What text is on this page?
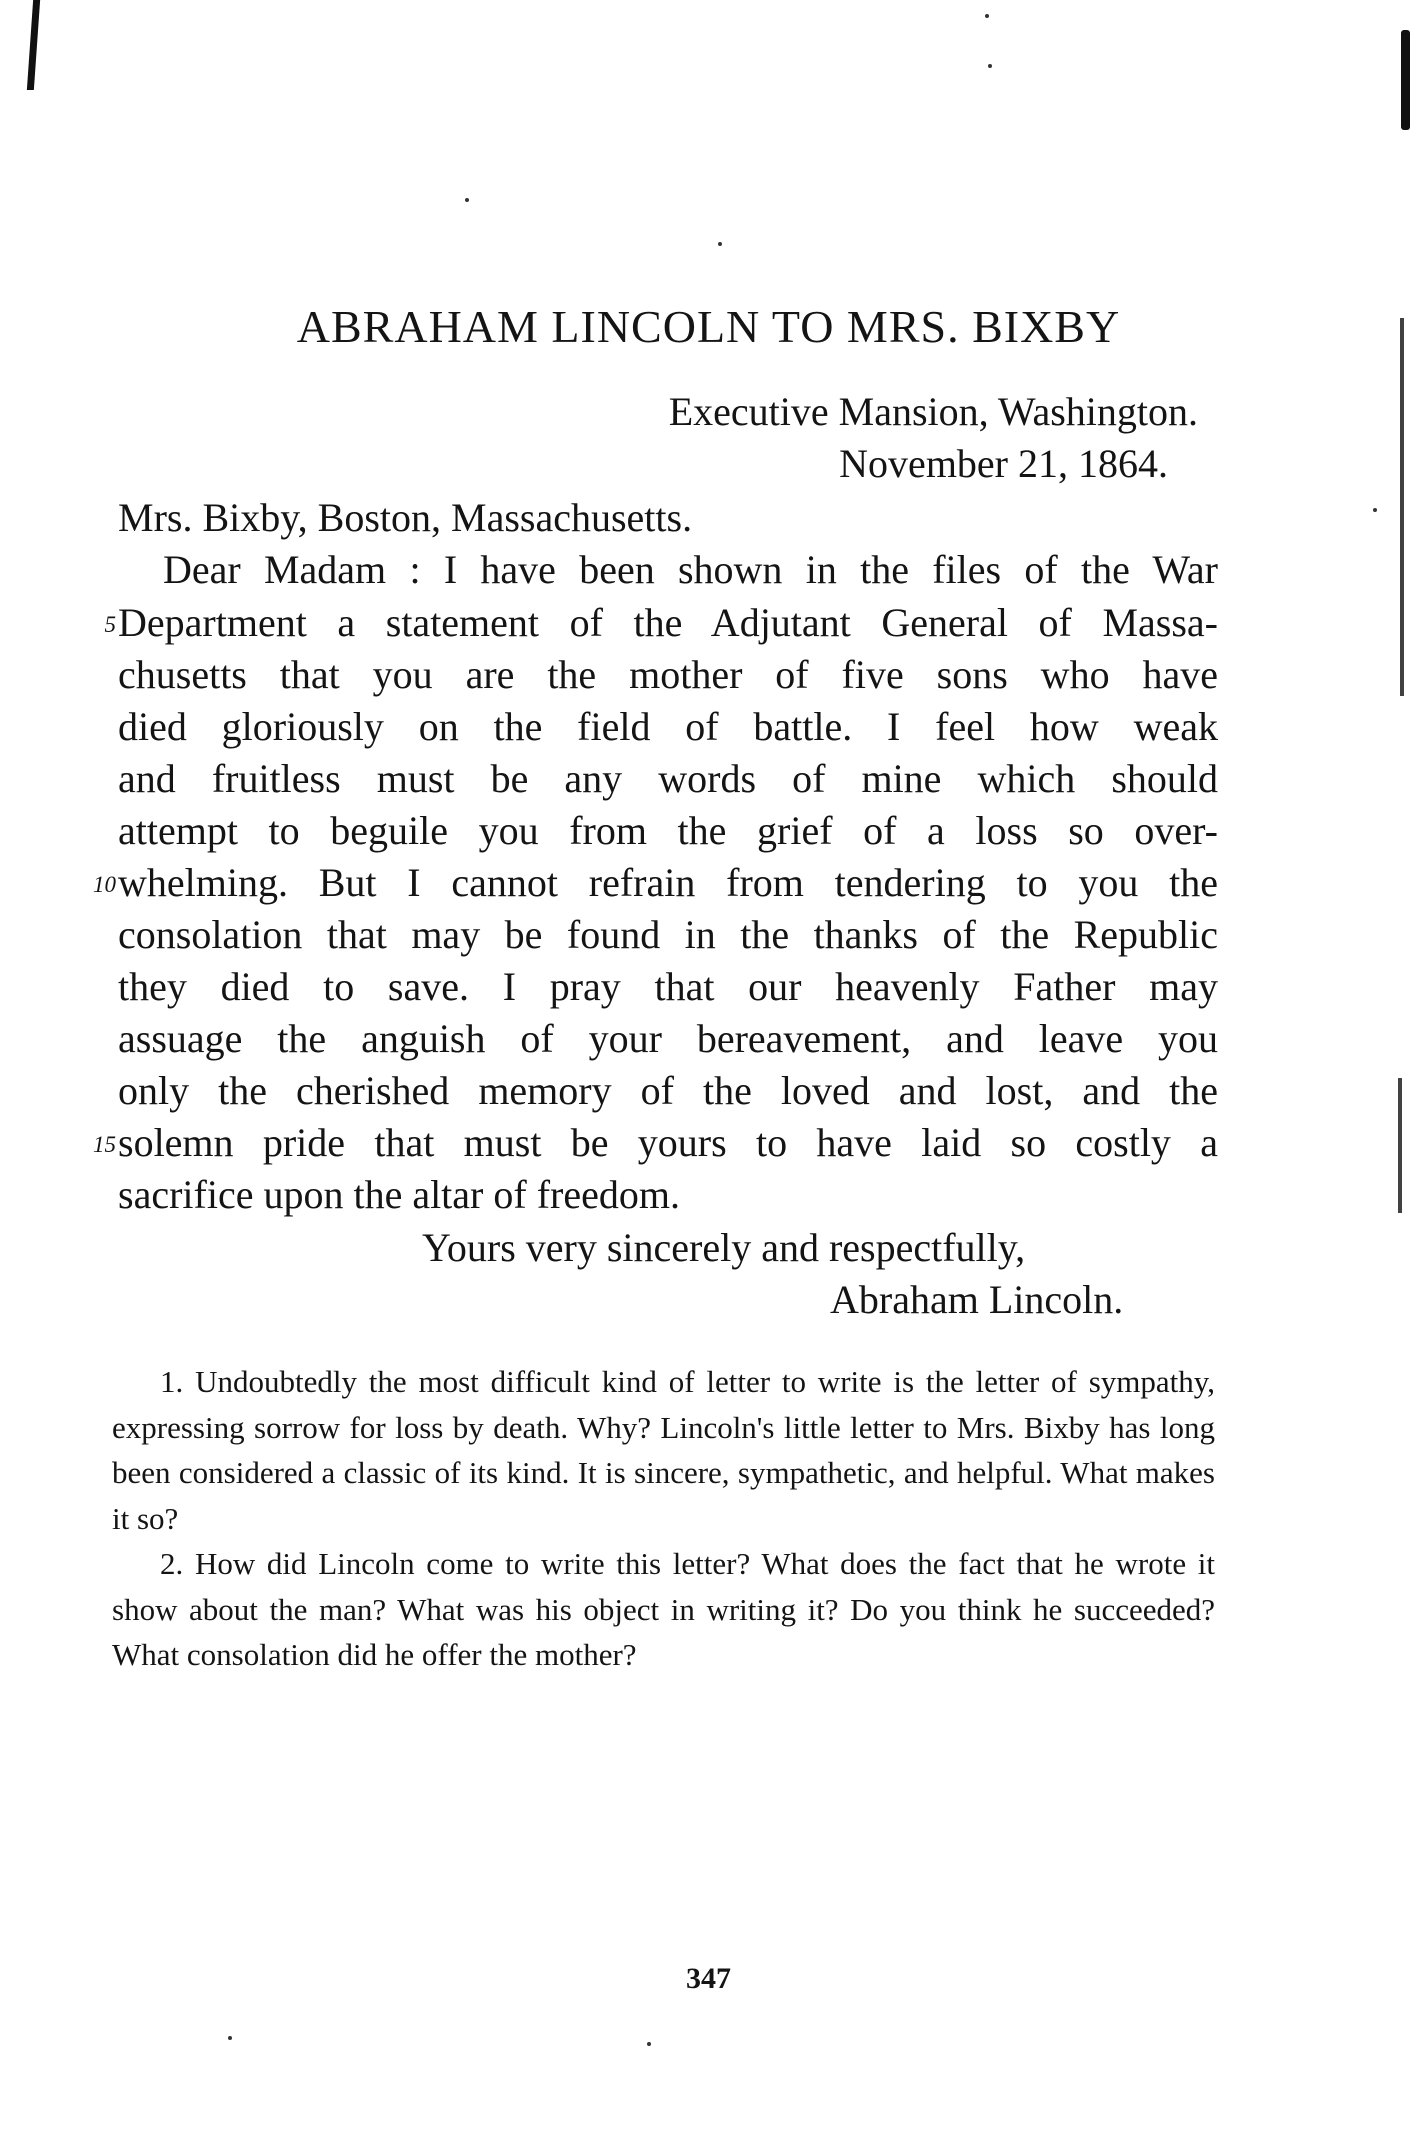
ABRAHAM LINCOLN TO MRS. BIXBY
Executive Mansion, Washington.
November 21, 1864.
Mrs. Bixby, Boston, Massachusetts.
Dear Madam : I have been shown in the files of the War
Department a statement of the Adjutant General of Massa-
chusetts that you are the mother of five sons who have
died gloriously on the field of battle. I feel how weak
and fruitless must be any words of mine which should
attempt to beguile you from the grief of a loss so over-
whelming. But I cannot refrain from tendering to you the
consolation that may be found in the thanks of the Republic
they died to save. I pray that our heavenly Father may
assuage the anguish of your bereavement, and leave you
only the cherished memory of the loved and lost, and the
solemn pride that must be yours to have laid so costly a
sacrifice upon the altar of freedom.
5
10
15
Yours very sincerely and respectfully,
Abraham Lincoln.
1. Undoubtedly the most difficult kind of letter to write is the letter of sympathy, expressing sorrow for loss by death. Why? Lincoln's little letter to Mrs. Bixby has long been considered a classic of its kind. It is sincere, sympathetic, and helpful. What makes it so?
2. How did Lincoln come to write this letter? What does the fact that he wrote it show about the man? What was his object in writing it? Do you think he succeeded? What consolation did he offer the mother?
347
